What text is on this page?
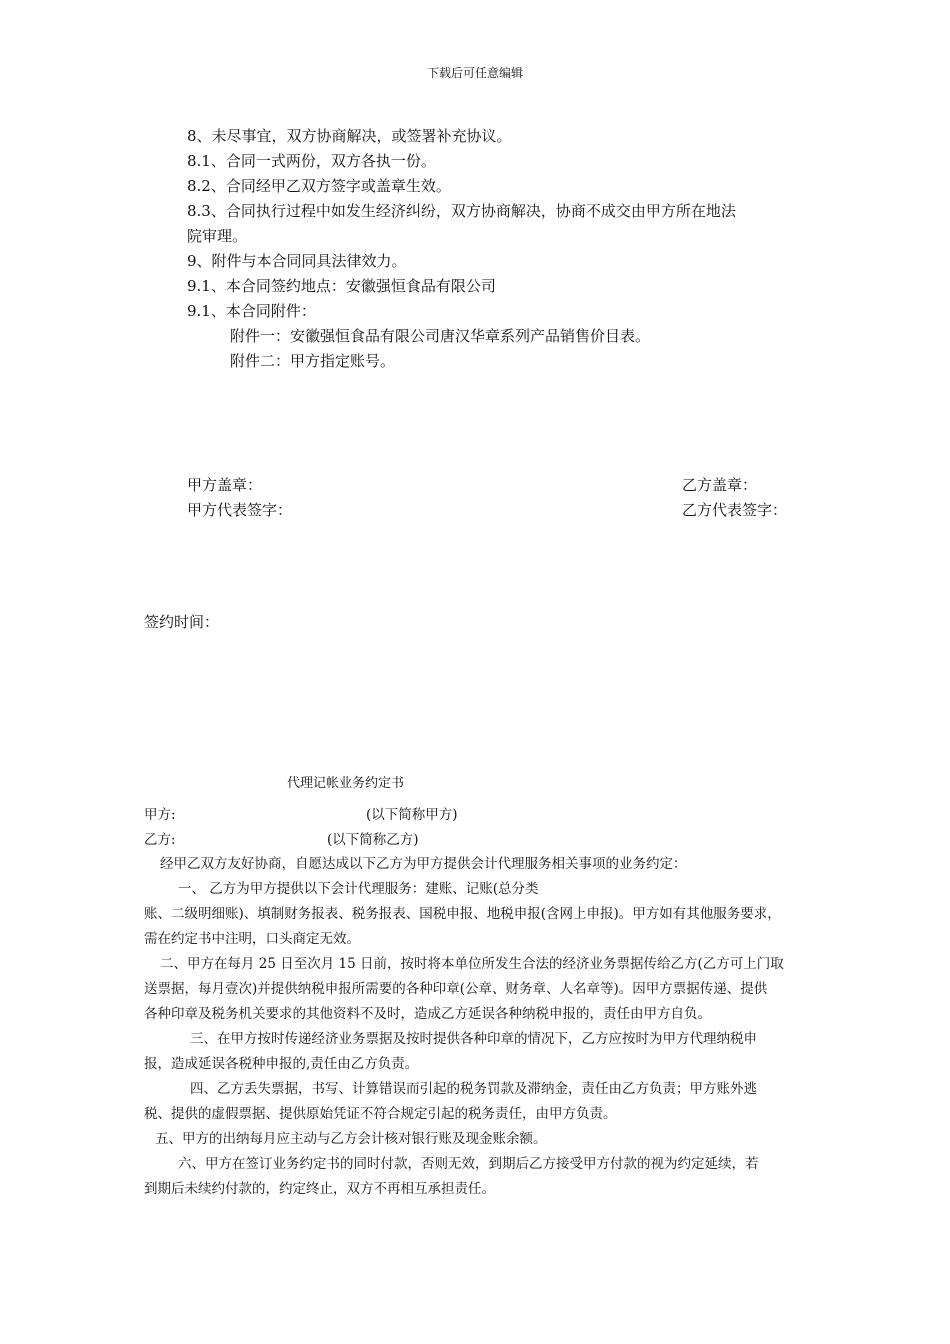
下载后可任意编辑
8、未尽事宜，双方协商解决，或签署补充协议。
8.1、合同一式两份，双方各执一份。
8.2、合同经甲乙双方签字或盖章生效。
8.3、合同执行过程中如发生经济纠纷，双方协商解决，协商不成交由甲方所在地法
院审理。
9、附件与本合同同具法律效力。
9.1、本合同签约地点：安徽强恒食品有限公司
9.1、本合同附件：
附件一：安徽强恒食品有限公司唐汉华章系列产品销售价目表。
附件二：甲方指定账号。
甲方盖章：
甲方代表签字：
乙方盖章：
乙方代表签字：
签约时间：
代理记帐业务约定书
甲方:	(以下简称甲方)
乙方:	(以下简称乙方)
经甲乙双方友好协商，自愿达成以下乙方为甲方提供会计代理服务相关事项的业务约定：
一、 乙方为甲方提供以下会计代理服务：建账、记账(总分类
账、二级明细账)、填制财务报表、税务报表、国税申报、地税申报(含网上申报)。甲方如有其他服务要求，
需在约定书中注明，口头商定无效。
二、甲方在每月 25 日至次月 15 日前，按时将本单位所发生合法的经济业务票据传给乙方(乙方可上门取
送票据，每月壹次)并提供纳税申报所需要的各种印章(公章、财务章、人名章等)。因甲方票据传递、提供
各种印章及税务机关要求的其他资料不及时，造成乙方延误各种纳税申报的，责任由甲方自负。
三、在甲方按时传递经济业务票据及按时提供各种印章的情况下，乙方应按时为甲方代理纳税申
报，造成延误各税种申报的,责任由乙方负责。
四、乙方丢失票据，书写、计算错误而引起的税务罚款及滞纳金，责任由乙方负责；甲方账外逃
税、提供的虚假票据、提供原始凭证不符合规定引起的税务责任，由甲方负责。
五、甲方的出纳每月应主动与乙方会计核对银行账及现金账余额。
六、甲方在签订业务约定书的同时付款，否则无效，到期后乙方接受甲方付款的视为约定延续，若
到期后未续约付款的，约定终止，双方不再相互承担责任。
